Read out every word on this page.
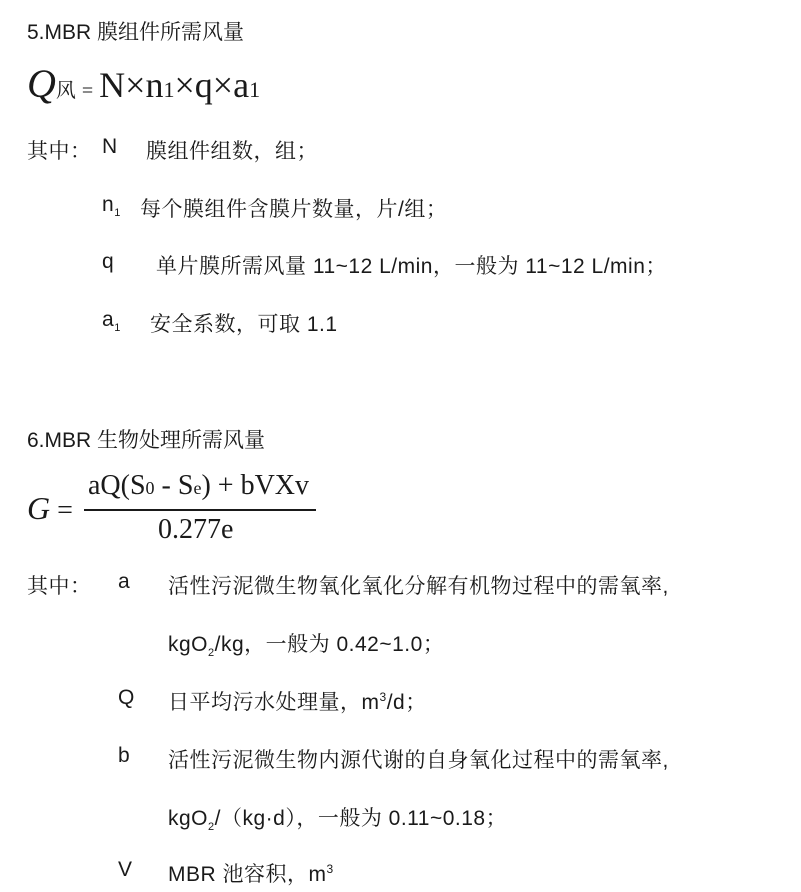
5.MBR 膜组件所需风量
Q风 = N×n1×q×a1
其中： N 膜组件组数，组；
$n_1$ 每个膜组件含膜片数量，片/组；
q 单片膜所需风量 11~12 L/min，一般为 11~12 L/min；
$a_1$ 安全系数，可取 1.1
6.MBR 生物处理所需风量
G =
aQ(S0 - Se) + bVXv
0.277e
其中： a 活性污泥微生物氧化氧化分解有机物过程中的需氧率,
kgO$_2$/kg，一般为 0.42~1.0；
Q 日平均污水处理量，$m^3/d$；
b 活性污泥微生物内源代谢的自身氧化过程中的需氧率,
kgO$_2$/（kg·d），一般为 0.11~0.18；
V MBR 池容积，$m^3$
